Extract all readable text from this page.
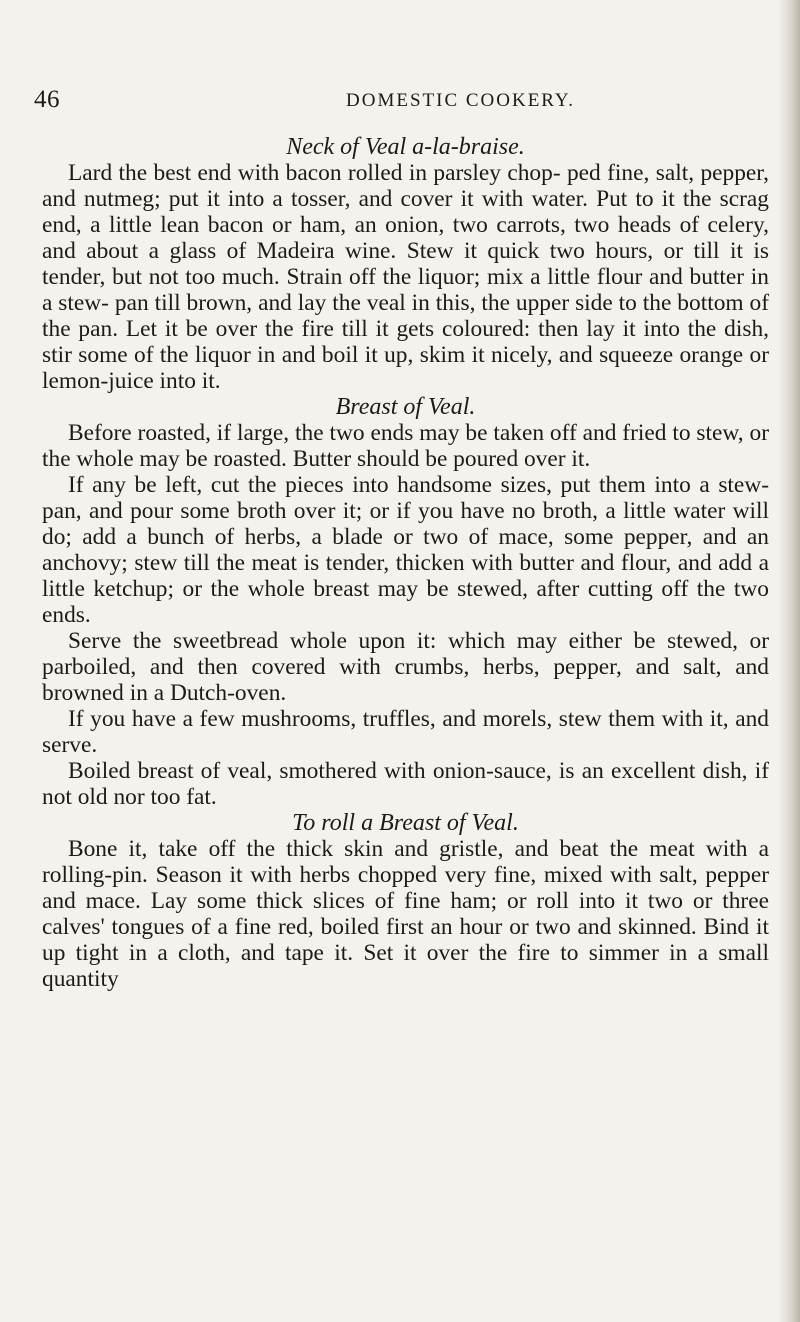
46	DOMESTIC COOKERY.

Neck of Veal a-la-braise.

Lard the best end with bacon rolled in parsley chop- ped fine, salt, pepper, and nutmeg; put it into a tosser, and cover it with water. Put to it the scrag end, a little lean bacon or ham, an onion, two carrots, two heads of celery, and about a glass of Madeira wine. Stew it quick two hours, or till it is tender, but not too much. Strain off the liquor; mix a little flour and butter in a stew- pan till brown, and lay the veal in this, the upper side to the bottom of the pan. Let it be over the fire till it gets coloured: then lay it into the dish, stir some of the liquor in and boil it up, skim it nicely, and squeeze orange or lemon-juice into it.

Breast of Veal.

Before roasted, if large, the two ends may be taken off and fried to stew, or the whole may be roasted. Butter should be poured over it.

If any be left, cut the pieces into handsome sizes, put them into a stew-pan, and pour some broth over it; or if you have no broth, a little water will do; add a bunch of herbs, a blade or two of mace, some pepper, and an anchovy; stew till the meat is tender, thicken with butter and flour, and add a little ketchup; or the whole breast may be stewed, after cutting off the two ends.

Serve the sweetbread whole upon it: which may either be stewed, or parboiled, and then covered with crumbs, herbs, pepper, and salt, and browned in a Dutch-oven.

If you have a few mushrooms, truffles, and morels, stew them with it, and serve.

Boiled breast of veal, smothered with onion-sauce, is an excellent dish, if not old nor too fat.

To roll a Breast of Veal.

Bone it, take off the thick skin and gristle, and beat the meat with a rolling-pin. Season it with herbs chopped very fine, mixed with salt, pepper and mace. Lay some thick slices of fine ham; or roll into it two or three calves' tongues of a fine red, boiled first an hour or two and skinned. Bind it up tight in a cloth, and tape it. Set it over the fire to simmer in a small quantity
